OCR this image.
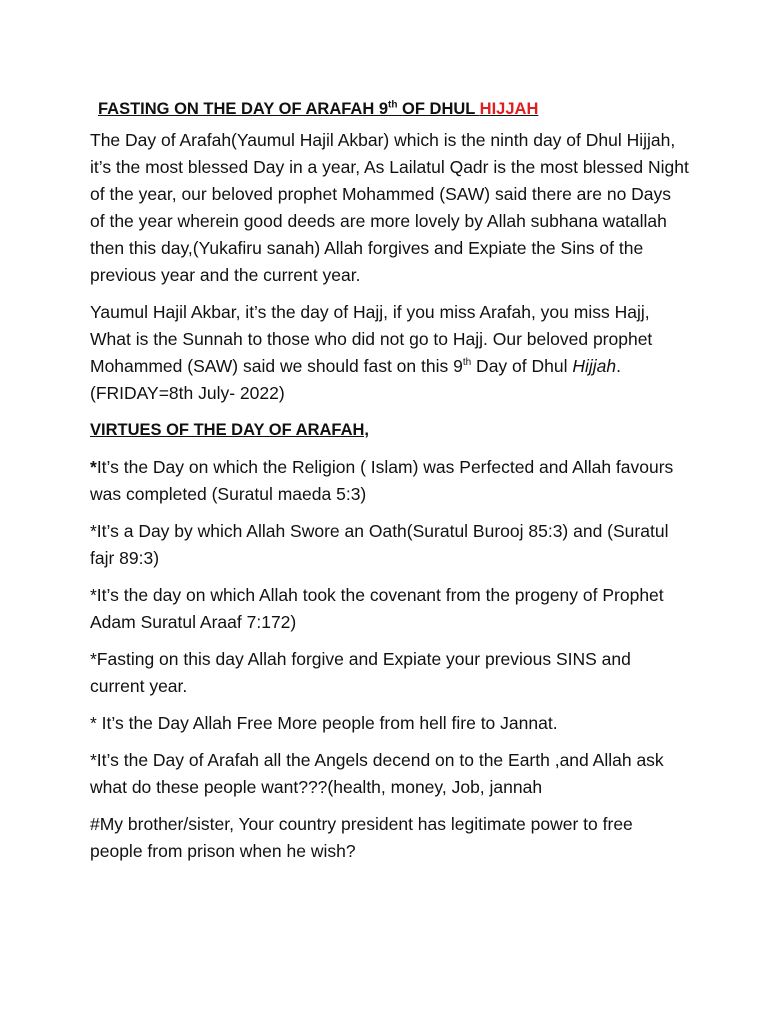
FASTING ON THE DAY OF ARAFAH 9th OF DHUL HIJJAH

The Day of Arafah(Yaumul Hajil Akbar) which is the ninth day of Dhul Hijjah, it’s the most blessed Day in a year, As Lailatul Qadr is the most blessed Night of the year, our beloved prophet Mohammed (SAW) said there are no Days of the year wherein good deeds are more lovely by Allah subhana watallah then this day,(Yukafiru sanah) Allah forgives and Expiate the Sins of the previous year and the current year.

Yaumul Hajil Akbar, it’s the day of Hajj, if you miss Arafah, you miss Hajj, What is the Sunnah to those who did not go to Hajj. Our beloved prophet Mohammed (SAW) said we should fast on this 9th Day of Dhul Hijjah.(FRIDAY=8th July- 2022)

VIRTUES OF THE DAY OF ARAFAH,

*It’s the Day on which the Religion ( Islam) was Perfected and Allah favours was completed (Suratul maeda 5:3)

*It’s a Day by which Allah Swore an Oath(Suratul Burooj 85:3) and (Suratul fajr 89:3)

*It’s the day on which Allah took the covenant from the progeny of Prophet Adam Suratul Araaf 7:172)

*Fasting on this day Allah forgive and Expiate your previous SINS and current year.

* It’s the Day Allah Free More people from hell fire to Jannat.

*It’s the Day of Arafah all the Angels decend on to the Earth ,and Allah ask what do these people want???(health, money, Job, jannah

#My brother/sister, Your country president has legitimate power to free people from prison when he wish?
